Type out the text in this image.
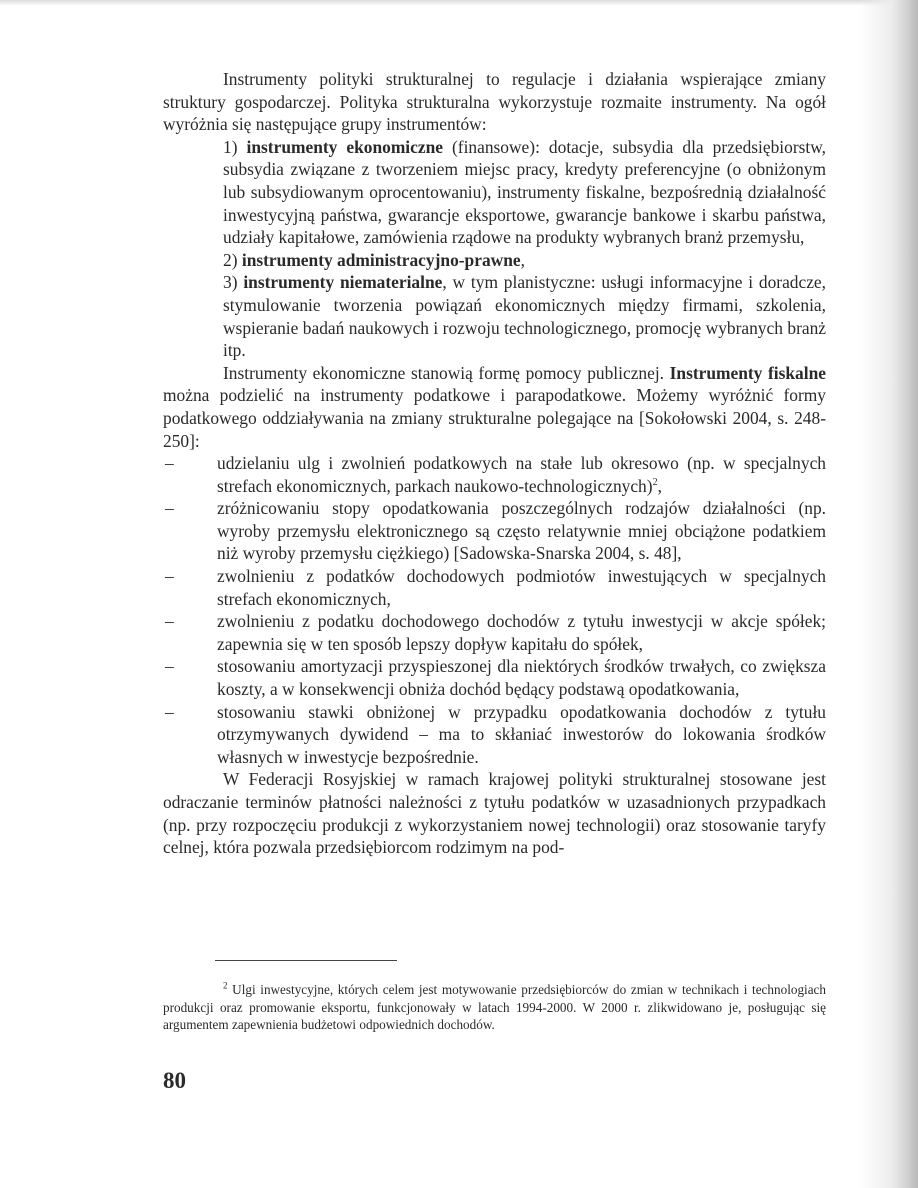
Instrumenty polityki strukturalnej to regulacje i działania wspierające zmiany struktury gospodarczej. Polityka strukturalna wykorzystuje rozmaite instrumenty. Na ogół wyróżnia się następujące grupy instrumentów:

1) instrumenty ekonomiczne (finansowe): dotacje, subsydia dla przedsiębiorstw, subsydia związane z tworzeniem miejsc pracy, kredyty preferencyjne (o obniżonym lub subsydiowanym oprocentowaniu), instrumenty fiskalne, bezpośrednią działalność inwestycyjną państwa, gwarancje eksportowe, gwarancje bankowe i skarbu państwa, udziały kapitałowe, zamówienia rządowe na produkty wybranych branż przemysłu,

2) instrumenty administracyjno-prawne,

3) instrumenty niematerialne, w tym planistyczne: usługi informacyjne i doradcze, stymulowanie tworzenia powiązań ekonomicznych między firmami, szkolenia, wspieranie badań naukowych i rozwoju technologicznego, promocję wybranych branż itp.

Instrumenty ekonomiczne stanowią formę pomocy publicznej. Instrumenty fiskalne można podzielić na instrumenty podatkowe i parapodatkowe. Możemy wyróżnić formy podatkowego oddziaływania na zmiany strukturalne polegające na [Sokołowski 2004, s. 248-250]:

– udzielaniu ulg i zwolnień podatkowych na stałe lub okresowo (np. w specjalnych strefach ekonomicznych, parkach naukowo-technologicznych)$^2$,
– zróżnicowaniu stopy opodatkowania poszczególnych rodzajów działalności (np. wyroby przemysłu elektronicznego są często relatywnie mniej obciążone podatkiem niż wyroby przemysłu ciężkiego) [Sadowska-Snarska 2004, s. 48],
– zwolnieniu z podatków dochodowych podmiotów inwestujących w specjalnych strefach ekonomicznych,
– zwolnieniu z podatku dochodowego dochodów z tytułu inwestycji w akcje spółek; zapewnia się w ten sposób lepszy dopływ kapitału do spółek,
– stosowaniu amortyzacji przyspieszonej dla niektórych środków trwałych, co zwiększa koszty, a w konsekwencji obniża dochód będący podstawą opodatkowania,
– stosowaniu stawki obniżonej w przypadku opodatkowania dochodów z tytułu otrzymywanych dywidend – ma to skłaniać inwestorów do lokowania środków własnych w inwestycje bezpośrednie.

W Federacji Rosyjskiej w ramach krajowej polityki strukturalnej stosowane jest odraczanie terminów płatności należności z tytułu podatków w uzasadnionych przypadkach (np. przy rozpoczęciu produkcji z wykorzystaniem nowej technologii) oraz stosowanie taryfy celnej, która pozwala przedsiębiorcom rodzimym na pod-

$^2$ Ulgi inwestycyjne, których celem jest motywowanie przedsiębiorców do zmian w technikach i technologiach produkcji oraz promowanie eksportu, funkcjonowały w latach 1994-2000. W 2000 r. zlikwidowano je, posługując się argumentem zapewnienia budżetowi odpowiednich dochodów.

80
